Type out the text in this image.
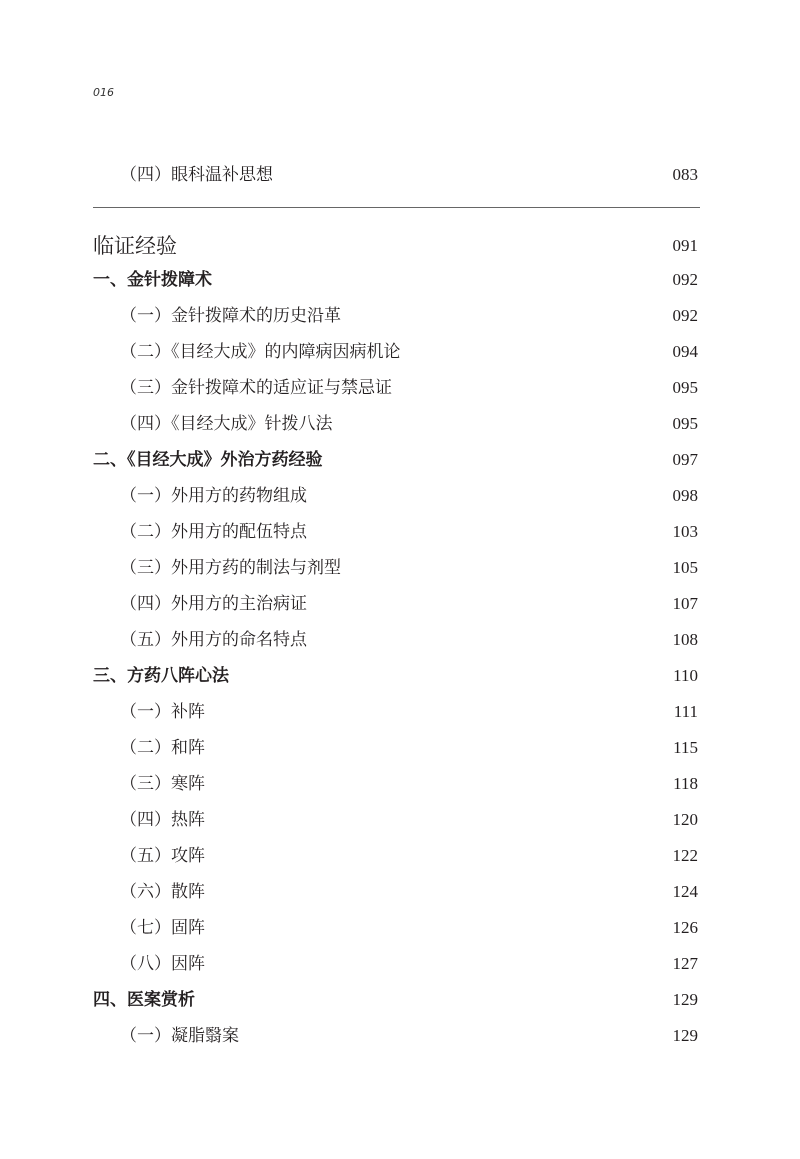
016
（四）眼科温补思想	083
临证经验	091
一、金针拨障术	092
（一）金针拨障术的历史沿革	092
（二）《目经大成》的内障病因病机论	094
（三）金针拨障术的适应证与禁忌证	095
（四）《目经大成》针拨八法	095
二、《目经大成》外治方药经验	097
（一）外用方的药物组成	098
（二）外用方的配伍特点	103
（三）外用方药的制法与剂型	105
（四）外用方的主治病证	107
（五）外用方的命名特点	108
三、方药八阵心法	110
（一）补阵	111
（二）和阵	115
（三）寒阵	118
（四）热阵	120
（五）攻阵	122
（六）散阵	124
（七）固阵	126
（八）因阵	127
四、医案赏析	129
（一）凝脂翳案	129
